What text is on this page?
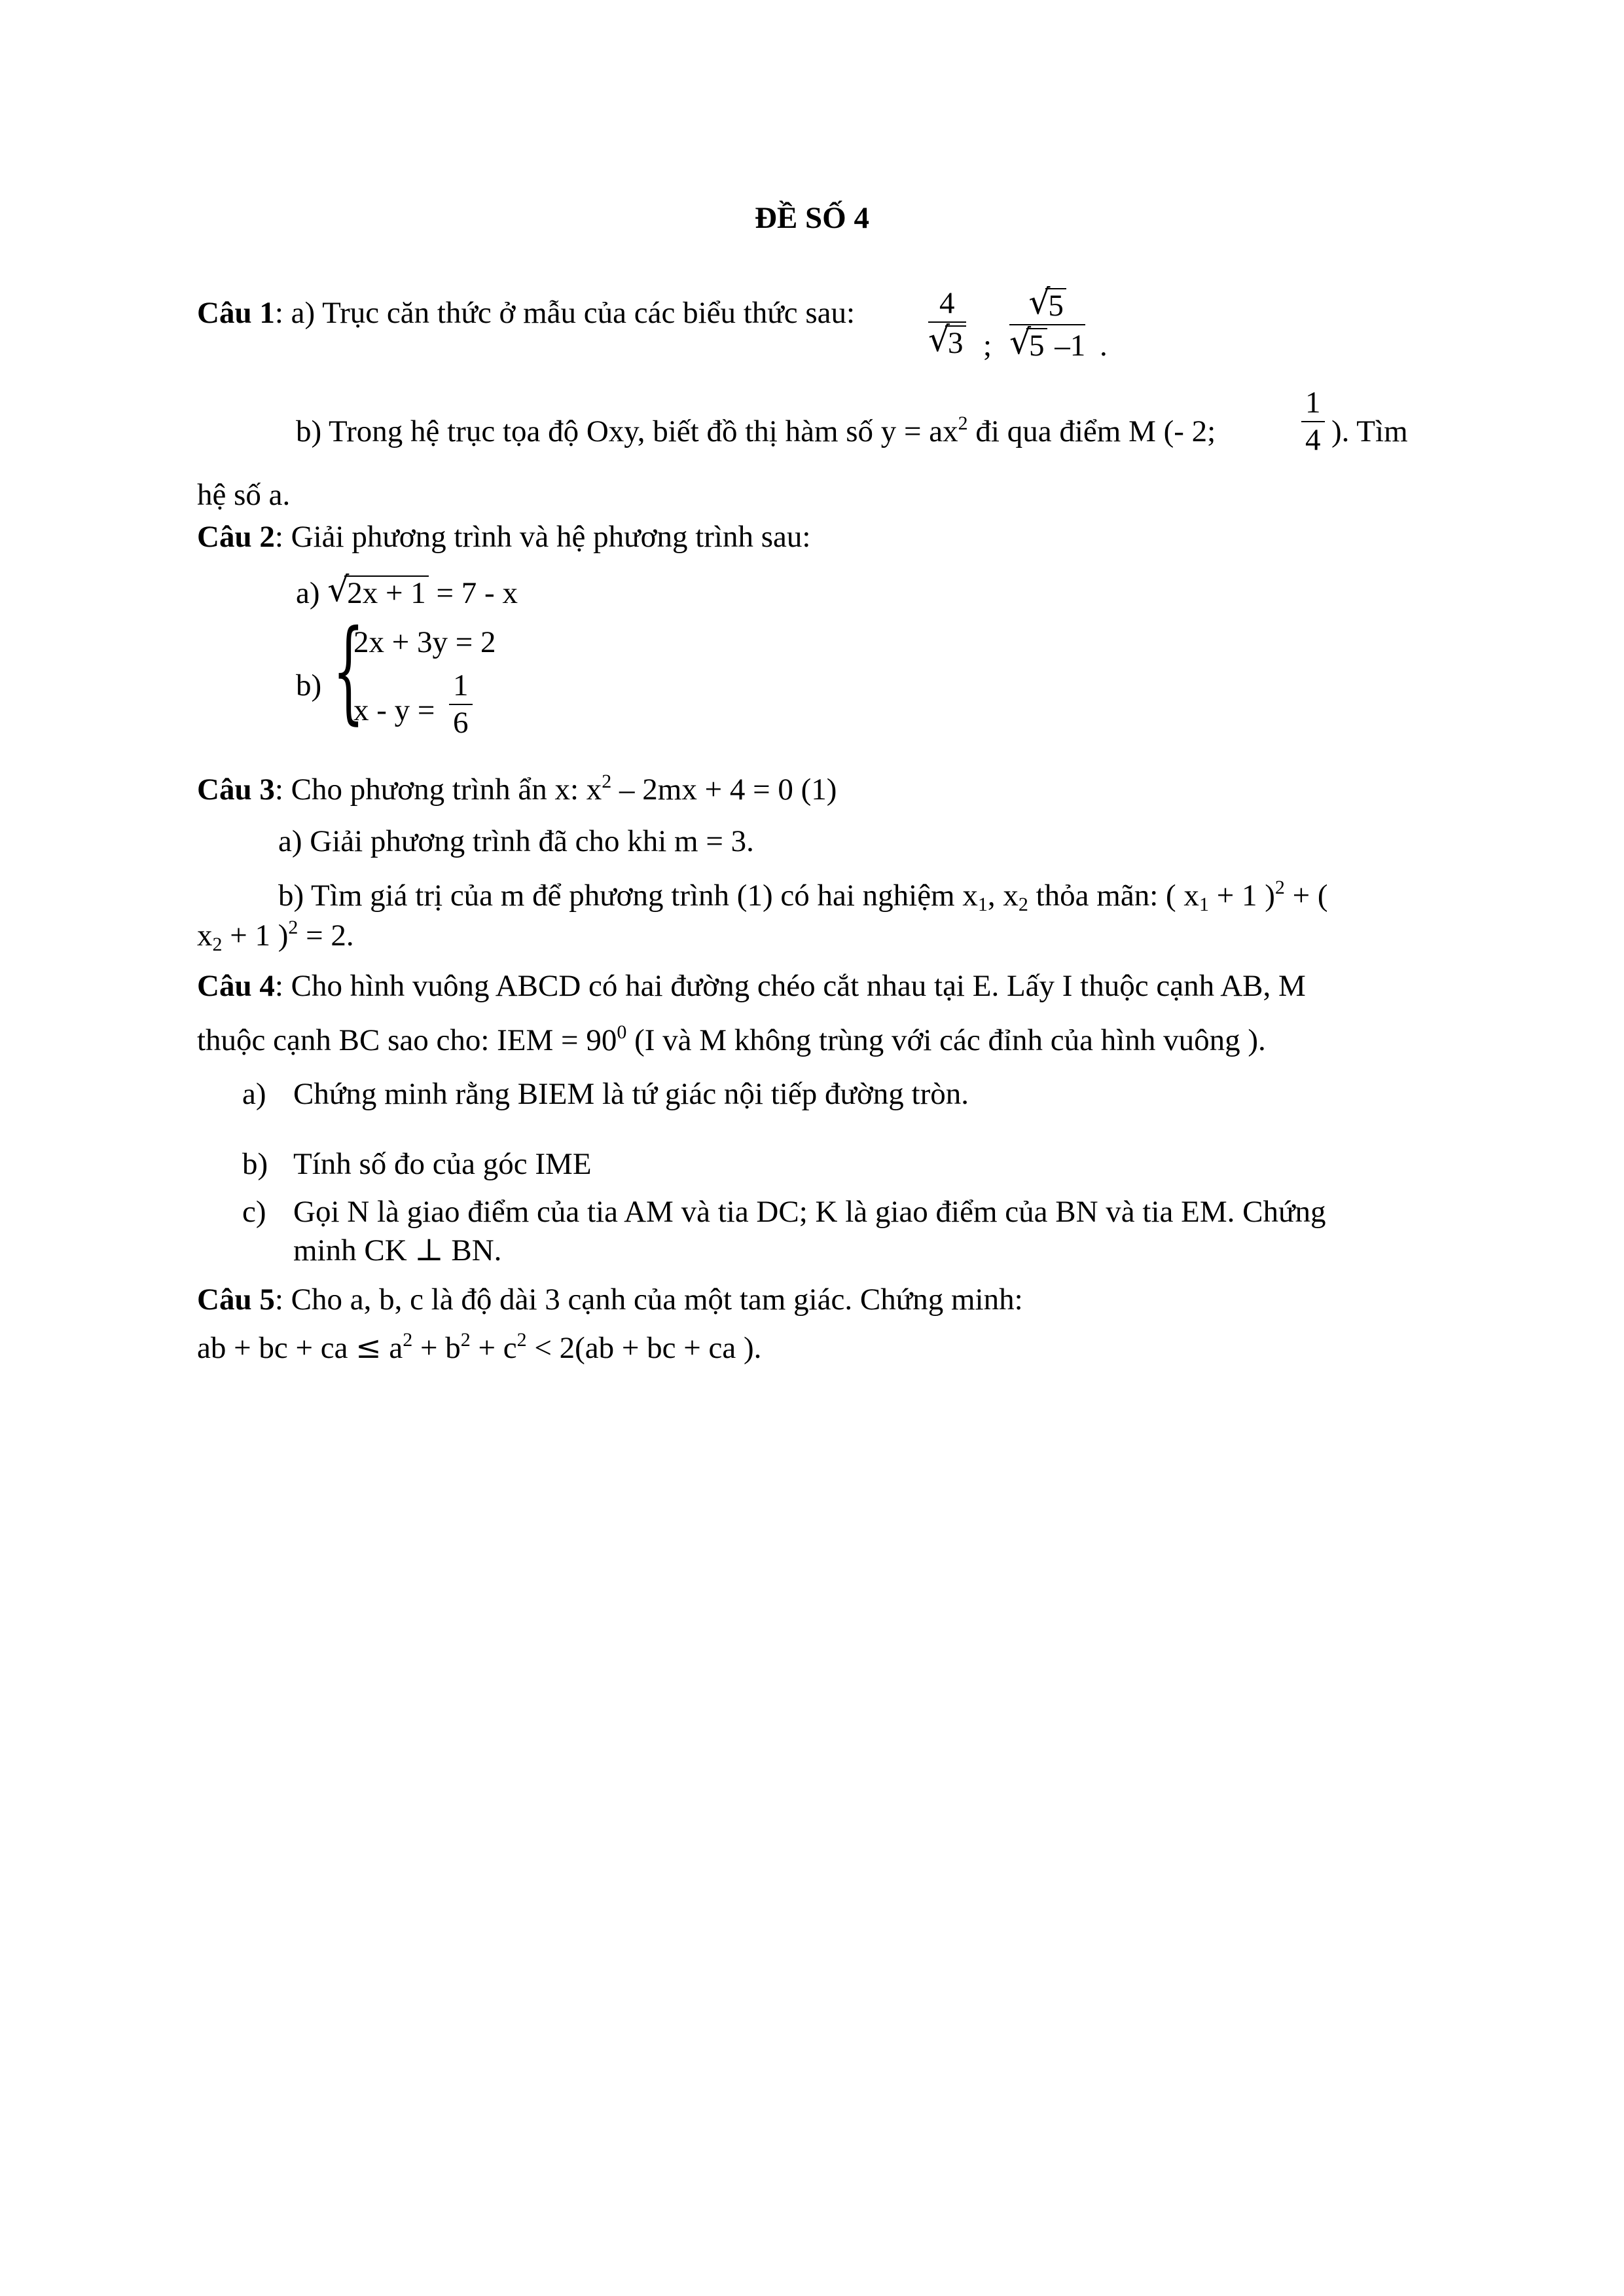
ĐỀ SỐ 4
Câu 1: a) Trục căn thức ở mẫu của các biểu thức sau: 4
√
3 ; √
5
√
5 –1 .
b) Trong hệ trục tọa độ Oxy, biết đồ thị hàm số $y = ax^2$ đi qua điểm M (- 2;	$\frac{1}{4}$ ). Tìm
hệ số a.
Câu 2: Giải phương trình và hệ phương trình sau:
a) √
2x + 1 = 7 - x
b) {
2x + 3y = 2
$x - y = \frac{1}{6}$
Câu 3: Cho phương trình ẩn x: $x^2 - 2mx + 4 = 0$ (1)
a) Giải phương trình đã cho khi m = 3.
b) Tìm giá trị của m để phương trình (1) có hai nghiệm $x_1$, $x_2$ thỏa mãn: ( $x_1 + 1$ )$^2$ + (
$x_2 + 1$ )$^2$ = 2.
Câu 4: Cho hình vuông ABCD có hai đường chéo cắt nhau tại E. Lấy I thuộc cạnh AB, M
thuộc cạnh BC sao cho: IEM = $90^0$ (I và M không trùng với các đỉnh của hình vuông ).
a) Chứng minh rằng BIEM là tứ giác nội tiếp đường tròn.
b) Tính số đo của góc IME
c) Gọi N là giao điểm của tia AM và tia DC; K là giao điểm của BN và tia EM. Chứng
minh CK ⊥ BN.
Câu 5: Cho a, b, c là độ dài 3 cạnh của một tam giác. Chứng minh:
ab + bc + ca ≤ $a^2 + b^2 + c^2 < 2(ab$ + bc + ca ).
